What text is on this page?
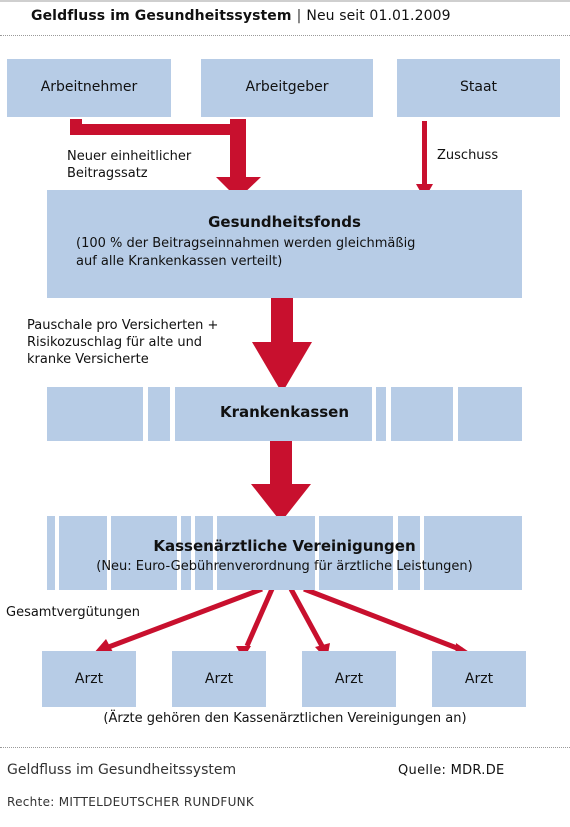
Geldfluss im Gesundheitssystem | Neu seit 01.01.2009
Arbeitnehmer	Arbeitgeber	Staat
Neuer einheitlicher
Beitragssatz
Zuschuss
Gesundheitsfonds
(100 % der Beitragseinnahmen werden gleichmäßig
auf alle Krankenkassen verteilt)
Pauschale pro Versicherten +
Risikozuschlag für alte und
kranke Versicherte
Krankenkassen
Kassenärztliche Vereinigungen
(Neu: Euro-Gebührenverordnung für ärztliche Leistungen)
Gesamtvergütungen
Arzt	Arzt	Arzt	Arzt
(Ärzte gehören den Kassenärztlichen Vereinigungen an)
Geldfluss im Gesundheitssystem	Quelle: MDR.DE
Rechte: MITTELDEUTSCHER RUNDFUNK
